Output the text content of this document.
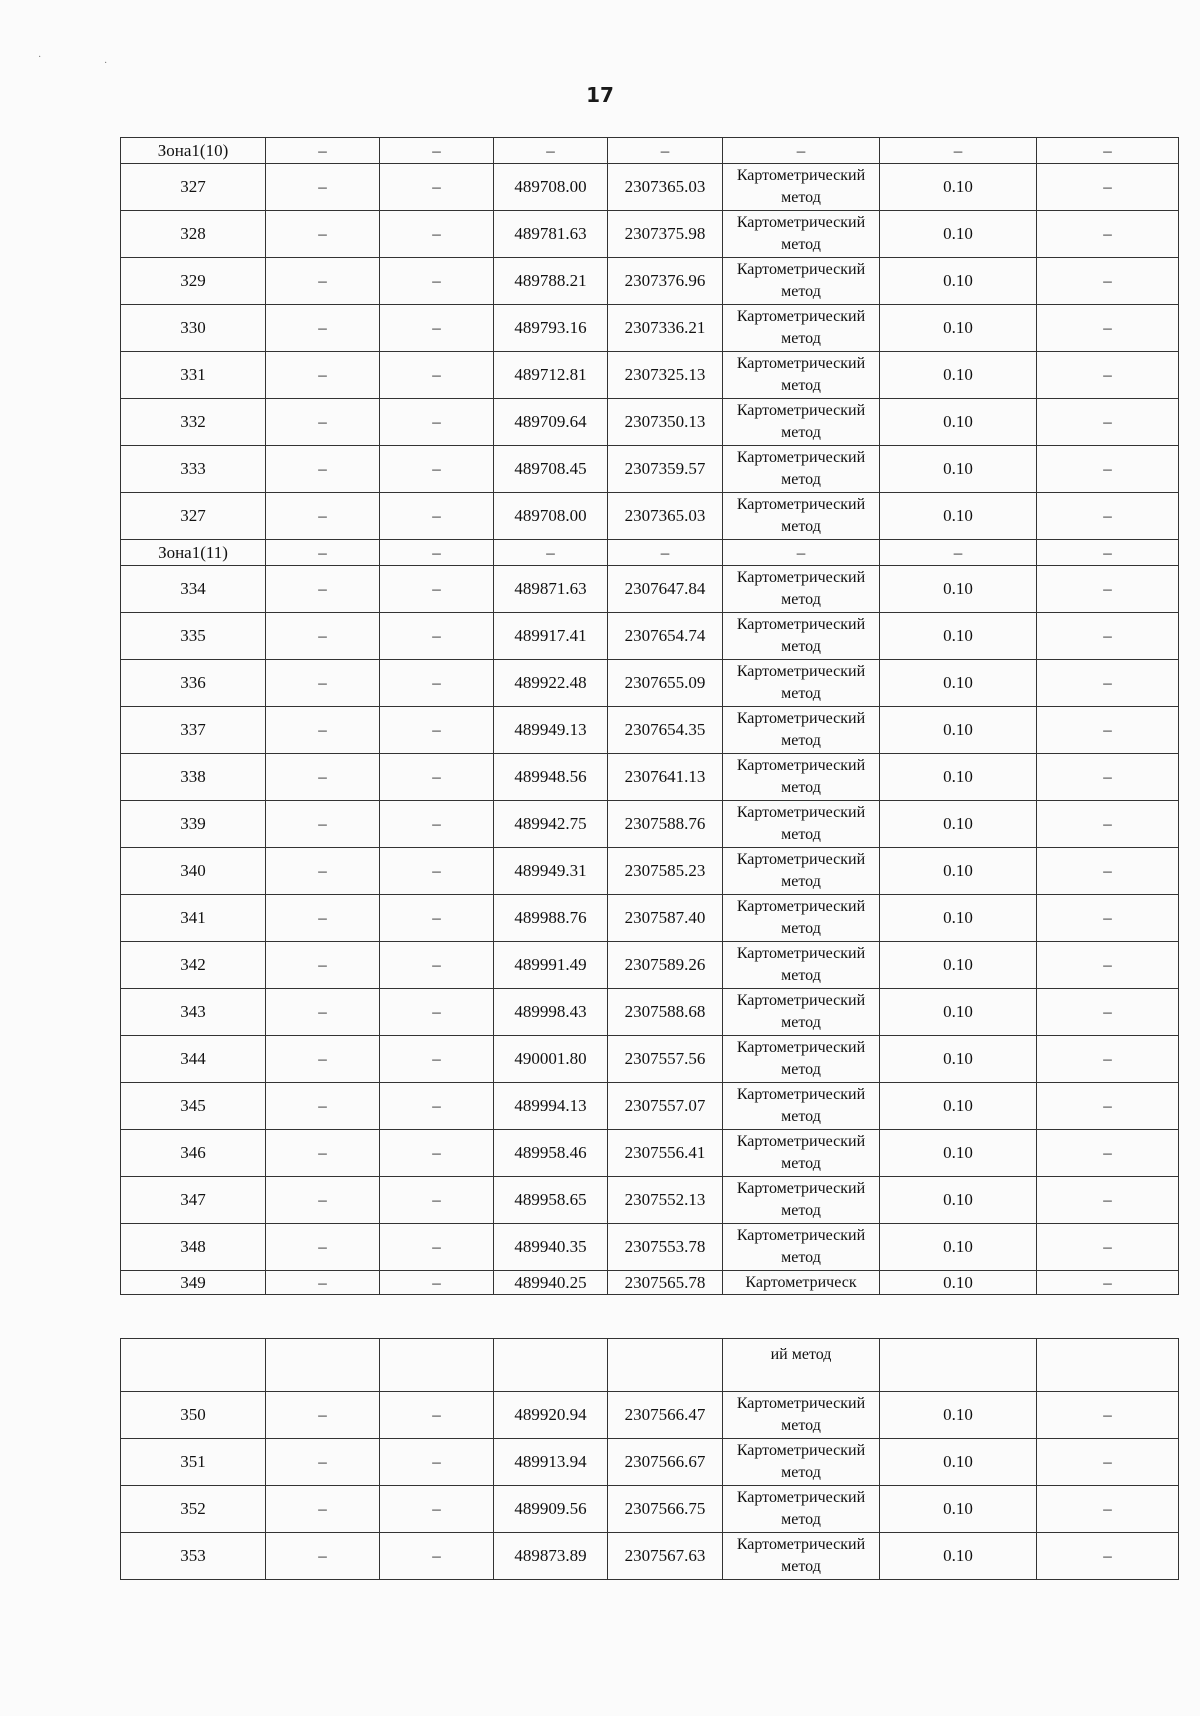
·
·
17
Зона1(10)	–	–	–	–	–	–	–
327	–	–	489708.00	2307365.03	Картометрический метод	0.10	–
328	–	–	489781.63	2307375.98	Картометрический метод	0.10	–
329	–	–	489788.21	2307376.96	Картометрический метод	0.10	–
330	–	–	489793.16	2307336.21	Картометрический метод	0.10	–
331	–	–	489712.81	2307325.13	Картометрический метод	0.10	–
332	–	–	489709.64	2307350.13	Картометрический метод	0.10	–
333	–	–	489708.45	2307359.57	Картометрический метод	0.10	–
327	–	–	489708.00	2307365.03	Картометрический метод	0.10	–
Зона1(11)	–	–	–	–	–	–	–
334	–	–	489871.63	2307647.84	Картометрический метод	0.10	–
335	–	–	489917.41	2307654.74	Картометрический метод	0.10	–
336	–	–	489922.48	2307655.09	Картометрический метод	0.10	–
337	–	–	489949.13	2307654.35	Картометрический метод	0.10	–
338	–	–	489948.56	2307641.13	Картометрический метод	0.10	–
339	–	–	489942.75	2307588.76	Картометрический метод	0.10	–
340	–	–	489949.31	2307585.23	Картометрический метод	0.10	–
341	–	–	489988.76	2307587.40	Картометрический метод	0.10	–
342	–	–	489991.49	2307589.26	Картометрический метод	0.10	–
343	–	–	489998.43	2307588.68	Картометрический метод	0.10	–
344	–	–	490001.80	2307557.56	Картометрический метод	0.10	–
345	–	–	489994.13	2307557.07	Картометрический метод	0.10	–
346	–	–	489958.46	2307556.41	Картометрический метод	0.10	–
347	–	–	489958.65	2307552.13	Картометрический метод	0.10	–
348	–	–	489940.35	2307553.78	Картометрический метод	0.10	–
349	–	–	489940.25	2307565.78	Картометрическ	0.10	–
					ий метод		
350	–	–	489920.94	2307566.47	Картометрический метод	0.10	–
351	–	–	489913.94	2307566.67	Картометрический метод	0.10	–
352	–	–	489909.56	2307566.75	Картометрический метод	0.10	–
353	–	–	489873.89	2307567.63	Картометрический метод	0.10	–
